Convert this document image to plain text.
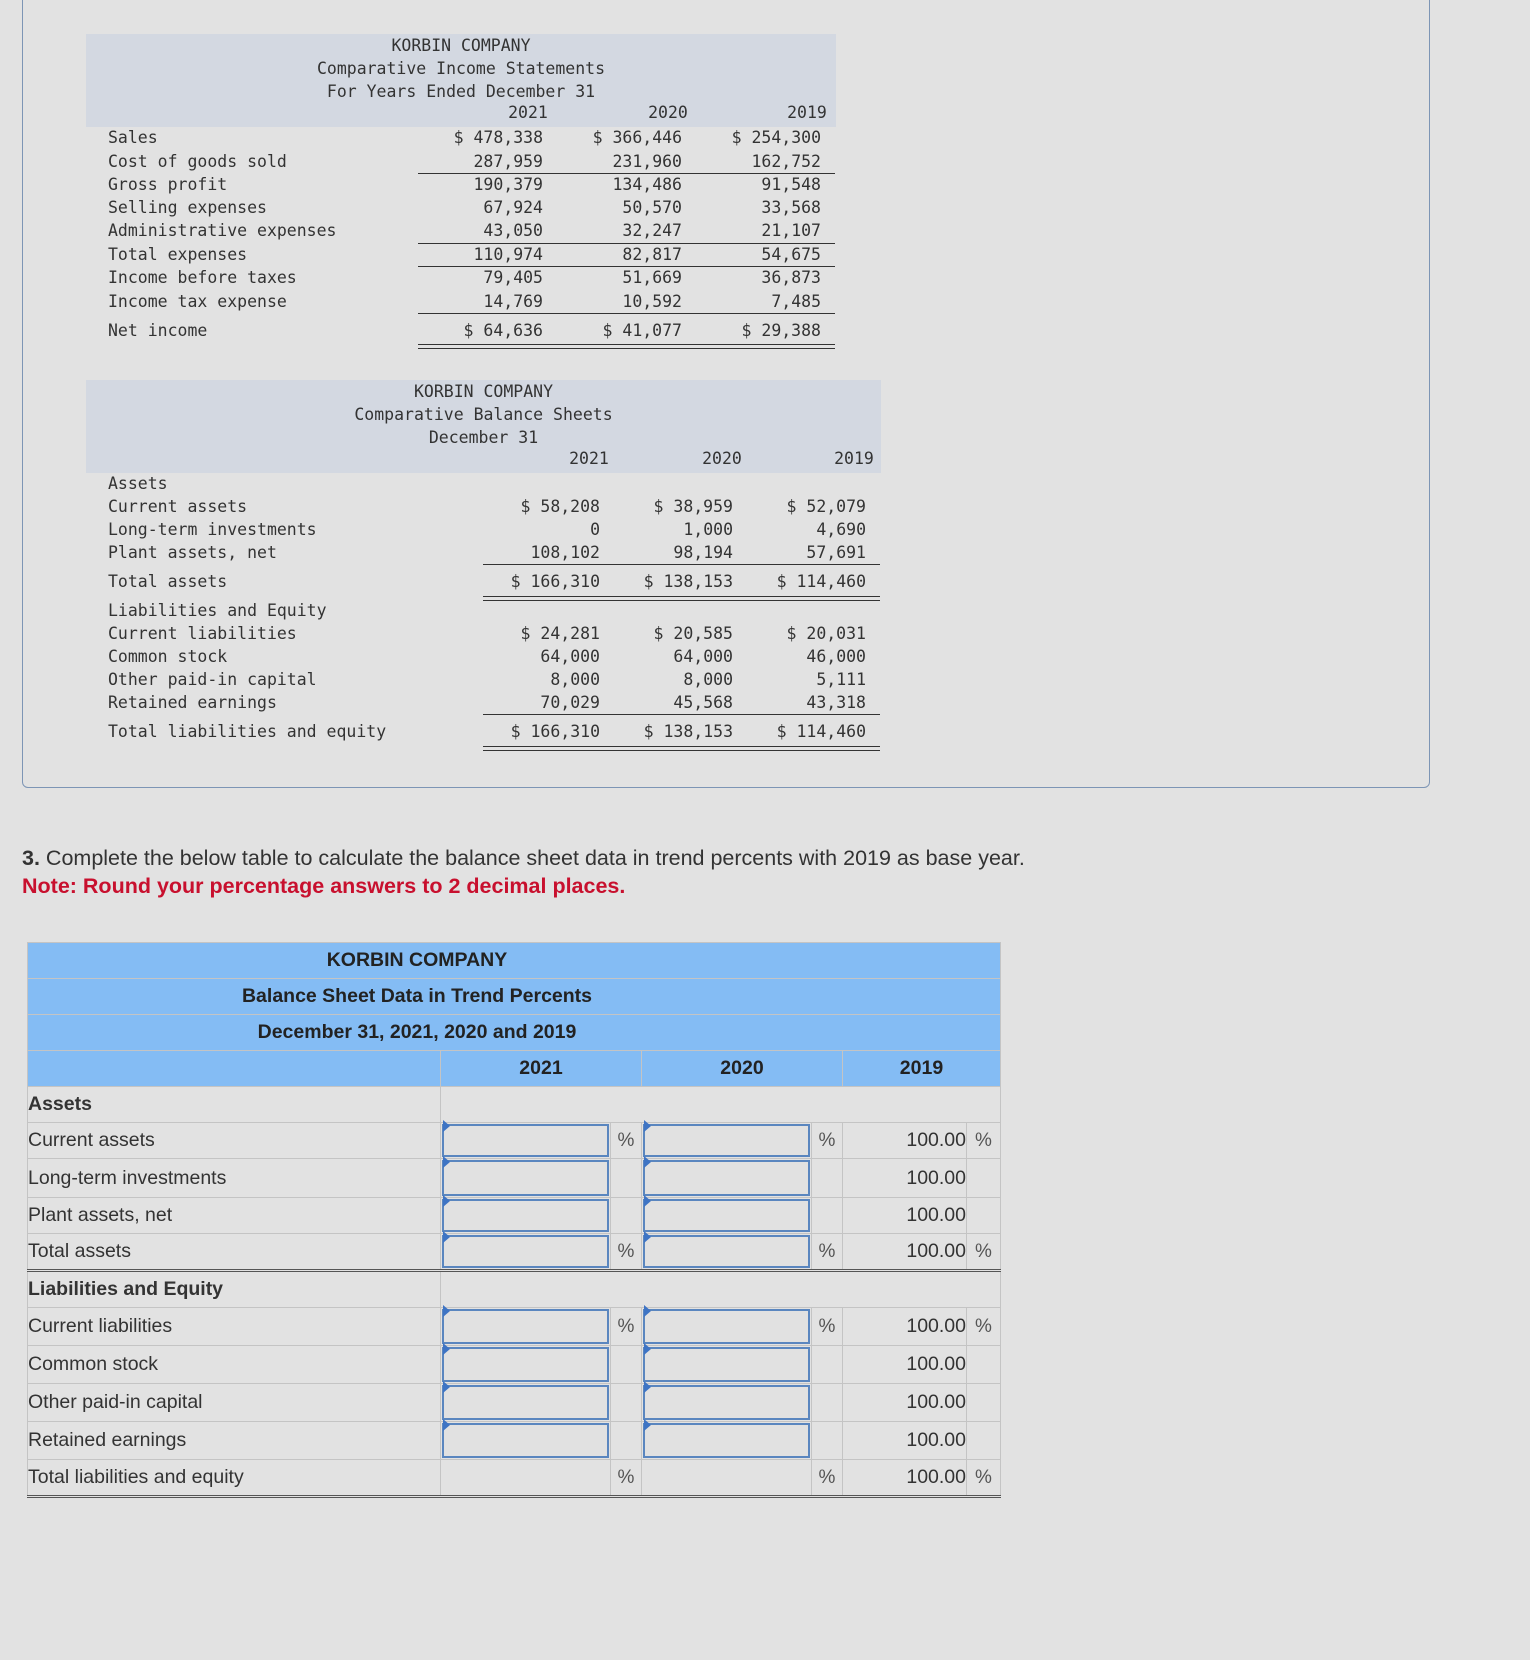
KORBIN COMPANY
Comparative Income Statements
For Years Ended December 31
2021	2020	2019
Sales	$ 478,338	$ 366,446	$ 254,300
Cost of goods sold	287,959	231,960	162,752
Gross profit	190,379	134,486	91,548
Selling expenses	67,924	50,570	33,568
Administrative expenses	43,050	32,247	21,107
Total expenses	110,974	82,817	54,675
Income before taxes	79,405	51,669	36,873
Income tax expense	14,769	10,592	7,485
Net income	$ 64,636	$ 41,077	$ 29,388
KORBIN COMPANY
Comparative Balance Sheets
December 31
2021	2020	2019
Assets
Current assets	$ 58,208	$ 38,959	$ 52,079
Long-term investments	0	1,000	4,690
Plant assets, net	108,102	98,194	57,691
Total assets	$ 166,310	$ 138,153	$ 114,460
Liabilities and Equity
Current liabilities	$ 24,281	$ 20,585	$ 20,031
Common stock	64,000	64,000	46,000
Other paid-in capital	8,000	8,000	5,111
Retained earnings	70,029	45,568	43,318
Total liabilities and equity	$ 166,310	$ 138,153	$ 114,460
3. Complete the below table to calculate the balance sheet data in trend percents with 2019 as base year.
Note: Round your percentage answers to 2 decimal places.
KORBIN COMPANY						
Balance Sheet Data in Trend Percents						
December 31, 2021, 2020 and 2019						
	2021		2020		2019	
Assets						
Current assets		%		%	100.00	%
Long-term investments					100.00	
Plant assets, net					100.00	
Total assets		%		%	100.00	%
Liabilities and Equity						
Current liabilities		%		%	100.00	%
Common stock					100.00	
Other paid-in capital					100.00	
Retained earnings					100.00	
Total liabilities and equity		%		%	100.00	%
